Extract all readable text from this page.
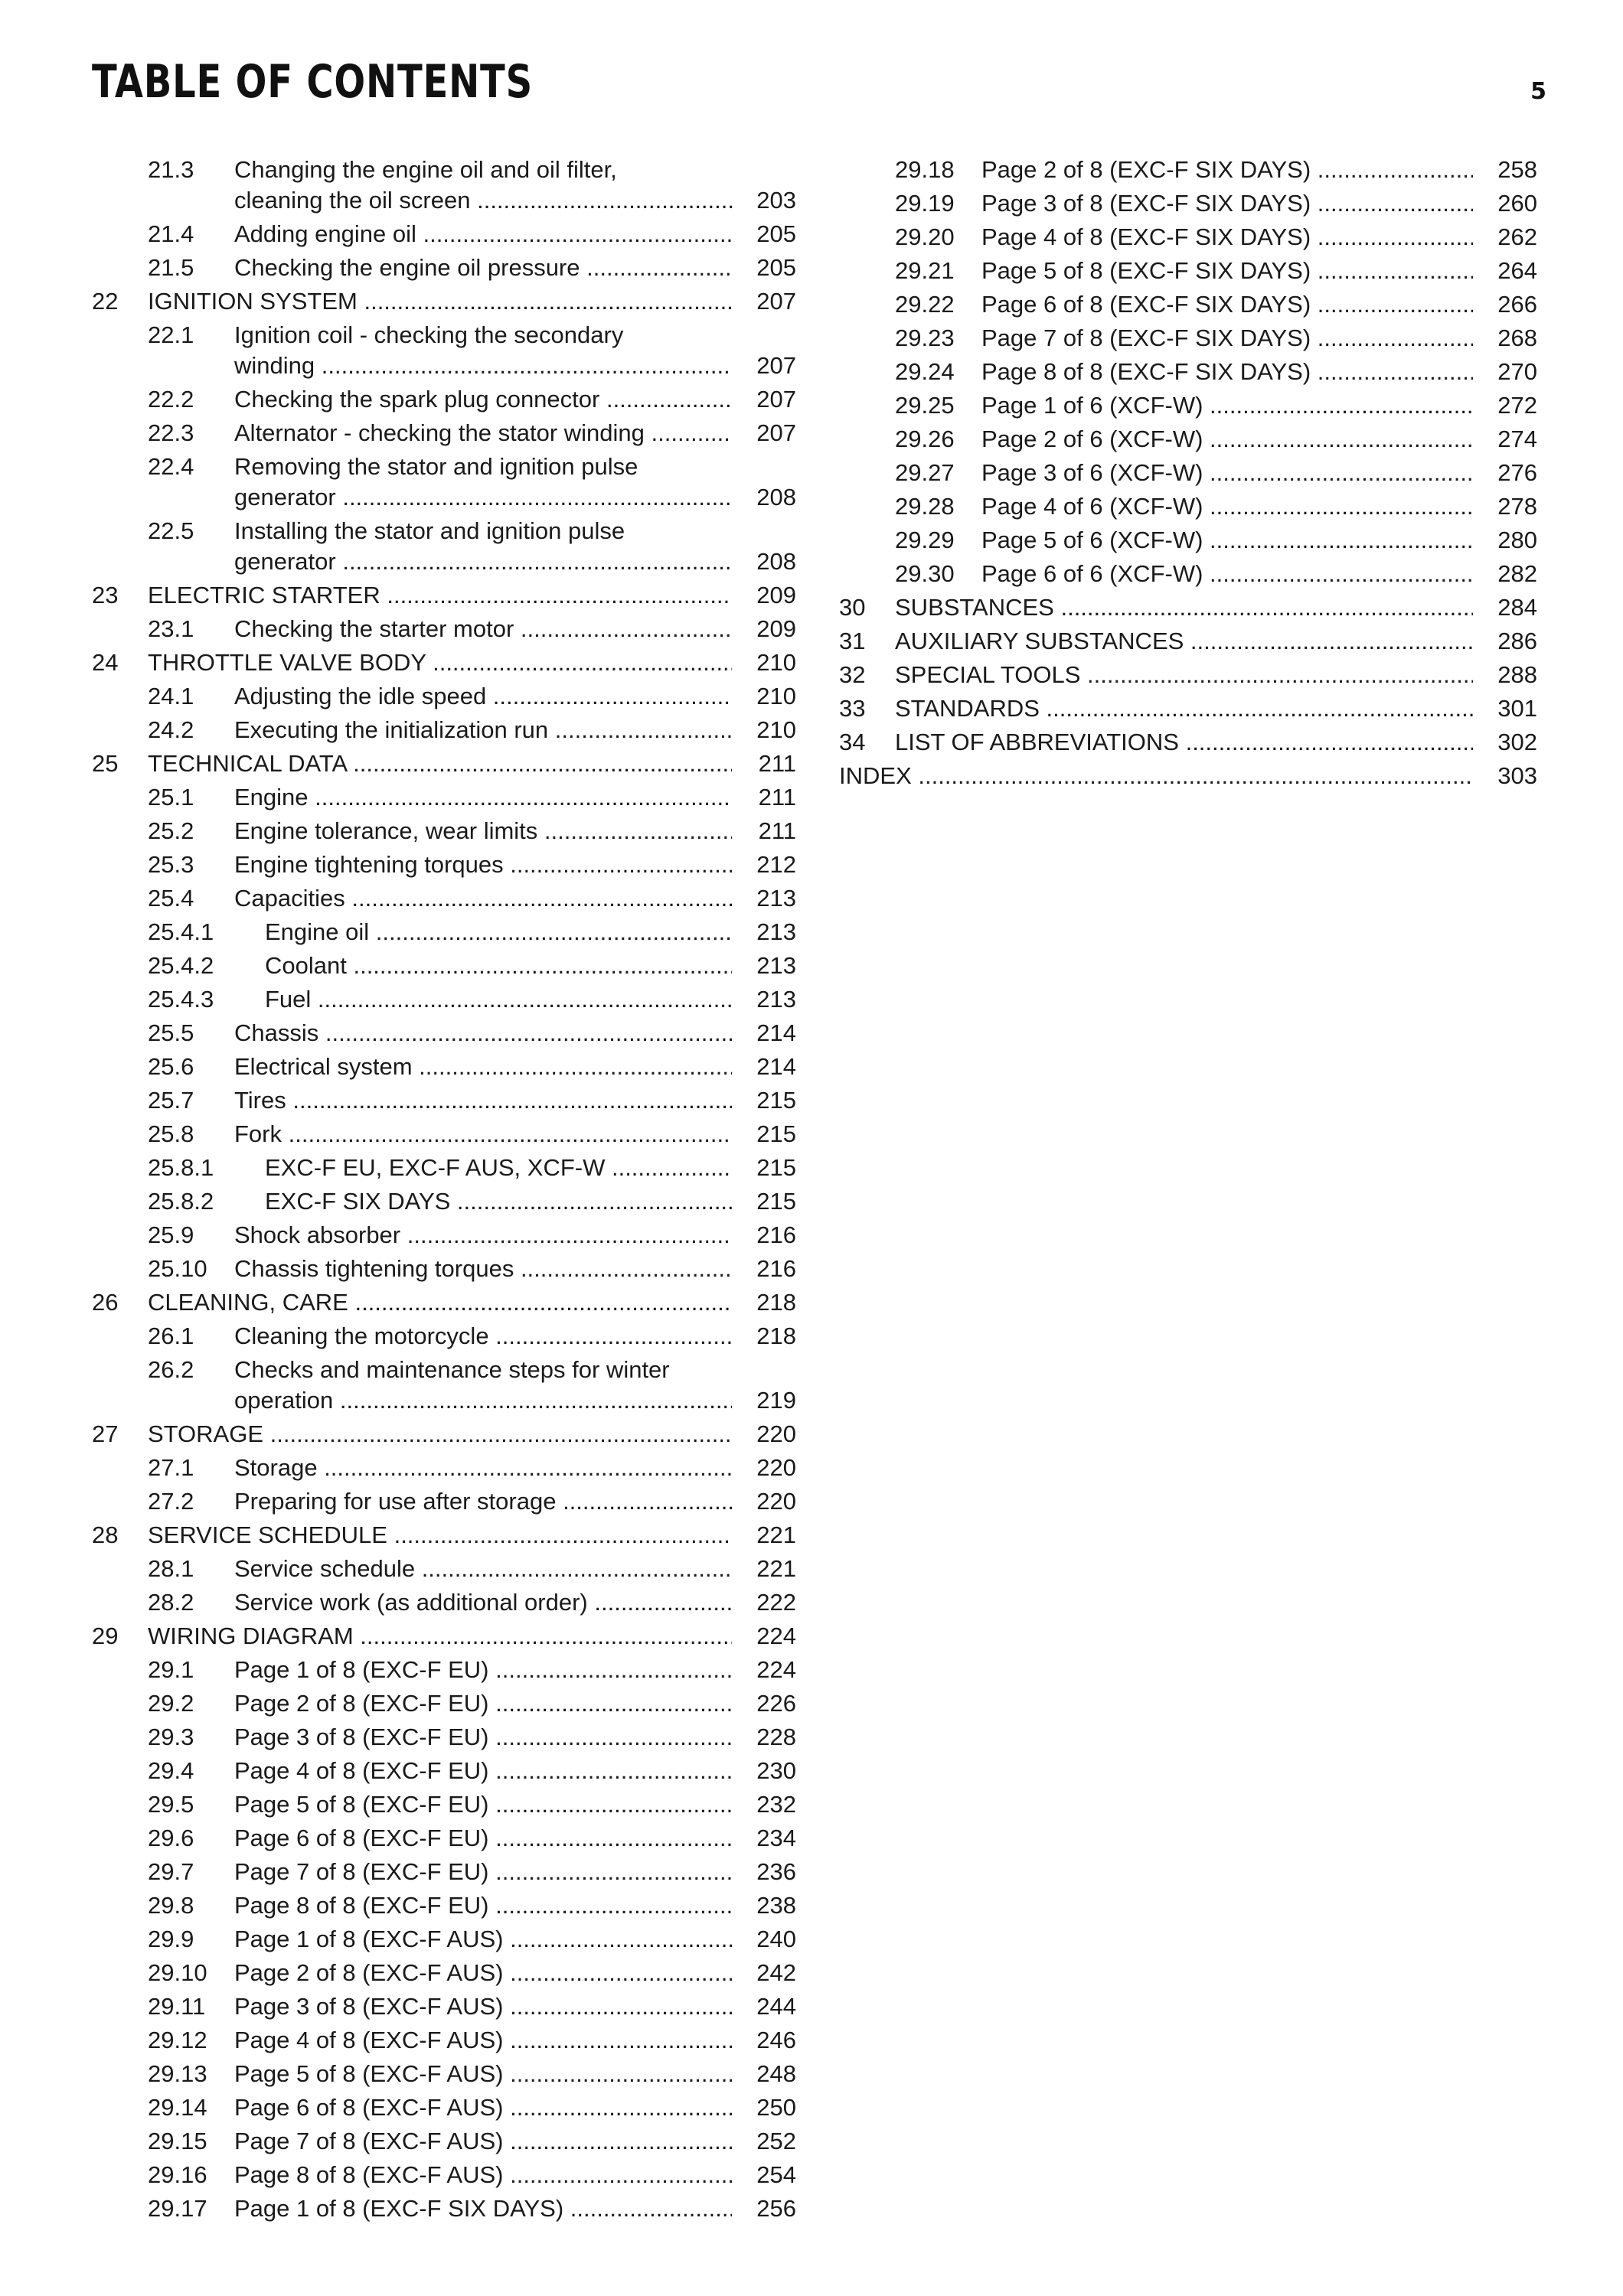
TABLE OF CONTENTS	5
21.3 Changing the engine oil and oil filter,
cleaning the oil screen .....	203
21.4 Adding engine oil .....	205
21.5 Checking the engine oil pressure .....	205
22 IGNITION SYSTEM .....	207
22.1 Ignition coil - checking the secondary
winding .....	207
22.2 Checking the spark plug connector .....	207
22.3 Alternator - checking the stator winding .....	207
22.4 Removing the stator and ignition pulse
generator .....	208
22.5 Installing the stator and ignition pulse
generator .....	208
23 ELECTRIC STARTER .....	209
23.1 Checking the starter motor .....	209
24 THROTTLE VALVE BODY .....	210
24.1 Adjusting the idle speed .....	210
24.2 Executing the initialization run .....	210
25 TECHNICAL DATA .....	211
25.1 Engine .....	211
25.2 Engine tolerance, wear limits .....	211
25.3 Engine tightening torques .....	212
25.4 Capacities .....	213
25.4.1 Engine oil .....	213
25.4.2 Coolant .....	213
25.4.3 Fuel .....	213
25.5 Chassis .....	214
25.6 Electrical system .....	214
25.7 Tires .....	215
25.8 Fork .....	215
25.8.1 EXC-F EU, EXC-F AUS, XCF-W .....	215
25.8.2 EXC-F SIX DAYS .....	215
25.9 Shock absorber .....	216
25.10 Chassis tightening torques .....	216
26 CLEANING, CARE .....	218
26.1 Cleaning the motorcycle .....	218
26.2 Checks and maintenance steps for winter
operation .....	219
27 STORAGE .....	220
27.1 Storage .....	220
27.2 Preparing for use after storage .....	220
28 SERVICE SCHEDULE .....	221
28.1 Service schedule .....	221
28.2 Service work (as additional order) .....	222
29 WIRING DIAGRAM .....	224
29.1 Page 1 of 8 (EXC-F EU) .....	224
29.2 Page 2 of 8 (EXC-F EU) .....	226
29.3 Page 3 of 8 (EXC-F EU) .....	228
29.4 Page 4 of 8 (EXC-F EU) .....	230
29.5 Page 5 of 8 (EXC-F EU) .....	232
29.6 Page 6 of 8 (EXC-F EU) .....	234
29.7 Page 7 of 8 (EXC-F EU) .....	236
29.8 Page 8 of 8 (EXC-F EU) .....	238
29.9 Page 1 of 8 (EXC-F AUS) .....	240
29.10 Page 2 of 8 (EXC-F AUS) .....	242
29.11 Page 3 of 8 (EXC-F AUS) .....	244
29.12 Page 4 of 8 (EXC-F AUS) .....	246
29.13 Page 5 of 8 (EXC-F AUS) .....	248
29.14 Page 6 of 8 (EXC-F AUS) .....	250
29.15 Page 7 of 8 (EXC-F AUS) .....	252
29.16 Page 8 of 8 (EXC-F AUS) .....	254
29.17 Page 1 of 8 (EXC-F SIX DAYS) .....	256
29.18 Page 2 of 8 (EXC-F SIX DAYS) .....	258
29.19 Page 3 of 8 (EXC-F SIX DAYS) .....	260
29.20 Page 4 of 8 (EXC-F SIX DAYS) .....	262
29.21 Page 5 of 8 (EXC-F SIX DAYS) .....	264
29.22 Page 6 of 8 (EXC-F SIX DAYS) .....	266
29.23 Page 7 of 8 (EXC-F SIX DAYS) .....	268
29.24 Page 8 of 8 (EXC-F SIX DAYS) .....	270
29.25 Page 1 of 6 (XCF-W) .....	272
29.26 Page 2 of 6 (XCF-W) .....	274
29.27 Page 3 of 6 (XCF-W) .....	276
29.28 Page 4 of 6 (XCF-W) .....	278
29.29 Page 5 of 6 (XCF-W) .....	280
29.30 Page 6 of 6 (XCF-W) .....	282
30 SUBSTANCES .....	284
31 AUXILIARY SUBSTANCES .....	286
32 SPECIAL TOOLS .....	288
33 STANDARDS .....	301
34 LIST OF ABBREVIATIONS .....	302
INDEX .....	303
